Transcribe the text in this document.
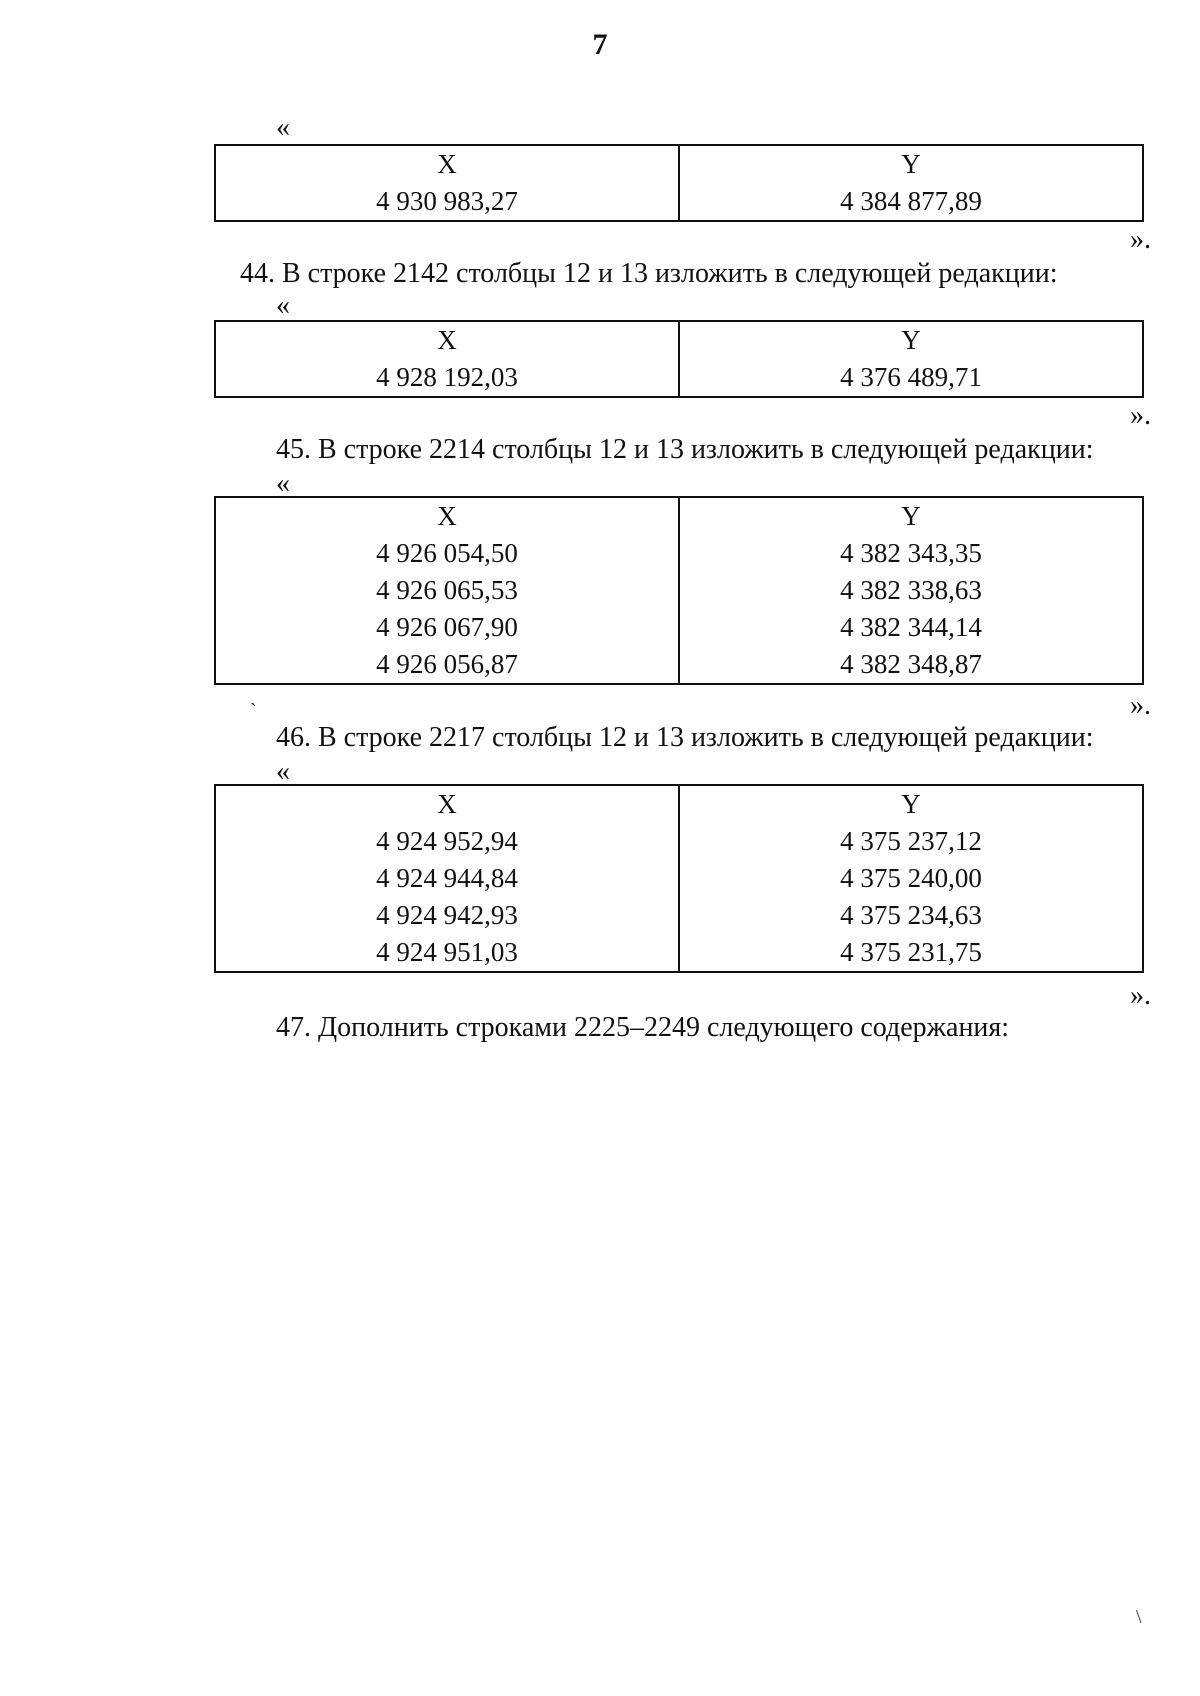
7
«
X	Y
4 930 983,27	4 384 877,89
».
44. В строке 2142 столбцы 12 и 13 изложить в следующей редакции:
«
X	Y
4 928 192,03	4 376 489,71
».
45. В строке 2214 столбцы 12 и 13 изложить в следующей редакции:
«
X	Y
4 926 054,50	4 382 343,35
4 926 065,53	4 382 338,63
4 926 067,90	4 382 344,14
4 926 056,87	4 382 348,87
`	».
46. В строке 2217 столбцы 12 и 13 изложить в следующей редакции:
«
X	Y
4 924 952,94	4 375 237,12
4 924 944,84	4 375 240,00
4 924 942,93	4 375 234,63
4 924 951,03	4 375 231,75
».
47. Дополнить строками 2225–2249 следующего содержания:
\
